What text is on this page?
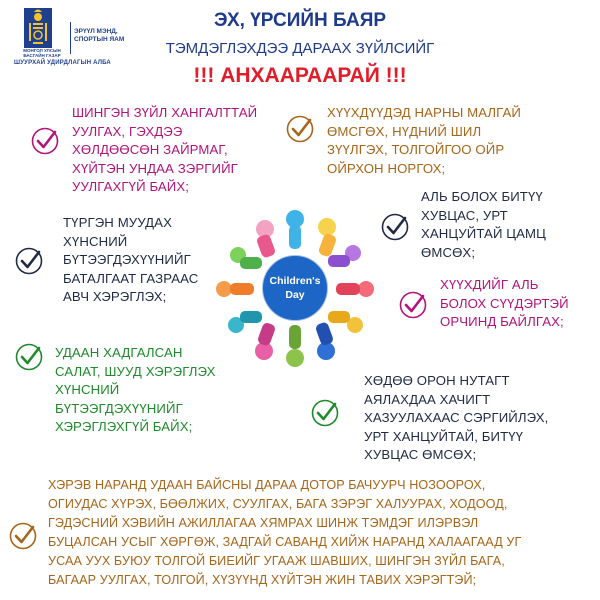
МОНГОЛ УЛСЫН БАСГАЙН ГАЗАР
ЭРҮҮЛ МЭНД,
СПОРТЫН ЯАМ
ШУУРХАЙ УДИРДЛАГЫН АЛБА
ЭХ, ҮРСИЙН БАЯР
ТЭМДЭГЛЭХДЭЭ ДАРААХ ЗҮЙЛСИЙГ
!!! АНХААРААРАЙ !!!
ШИНГЭН ЗҮЙЛ ХАНГАЛТТАЙ
УУЛГАХ, ГЭХДЭЭ
ХӨЛДӨӨСӨН ЗАЙРМАГ,
ХҮЙТЭН УНДАА ЗЭРГИЙГ
УУЛГАХГҮЙ БАЙХ;
ХҮҮХДҮҮДЭД НАРНЫ МАЛГАЙ
ӨМСГӨХ, НҮДНИЙ ШИЛ
ЗҮҮЛГЭХ, ТОЛГОЙГОО ОЙР
ОЙРХОН НОРГОХ;
АЛЬ БОЛОХ БИТҮҮ
ХУВЦАС, УРТ
ХАНЦУЙТАЙ ЦАМЦ
ӨМСӨХ;
ТҮРГЭН МУУДАХ
ХҮНСНИЙ
БҮТЭЭГДЭХҮҮНИЙГ
БАТАЛГААТ ГАЗРААС
АВЧ ХЭРЭГЛЭХ;
ХҮҮХДИЙГ АЛЬ
БОЛОХ СҮҮДЭРТЭЙ
ОРЧИНД БАЙЛГАХ;
УДААН ХАДГАЛСАН
САЛАТ, ШУУД ХЭРЭГЛЭХ
ХҮНСНИЙ
БҮТЭЭГДЭХҮҮНИЙГ
ХЭРЭГЛЭХГҮЙ БАЙХ;
ХӨДӨӨ ОРОН НУТАГТ
АЯЛАХДАА ХАЧИГТ
ХАЗУУЛАХААС СЭРГИЙЛЭХ,
УРТ ХАНЦУЙТАЙ, БИТҮҮ
ХУВЦАС ӨМСӨХ;
ХЭРЭВ НАРАНД УДААН БАЙСНЫ ДАРАА ДОТОР БАЧУУРЧ НОЗООРОХ,
ОГИУДАС ХҮРЭХ, БӨӨЛЖИХ, СУУЛГАХ, БАГА ЗЭРЭГ ХАЛУУРАХ, ХОДООД,
ГЭДЭСНИЙ ХЭВИЙН АЖИЛЛАГАА ХЯМРАХ ШИНЖ ТЭМДЭГ ИЛЭРВЭЛ
БУЦАЛСАН УСЫГ ХӨРГӨЖ, ЗАДГАЙ САВАНД ХИЙЖ НАРАНД ХАЛААГААД УГ
УСАА УУХ БУЮУ ТОЛГОЙ БИЕИЙГ УГААЖ ШАВШИХ, ШИНГЭН ЗҮЙЛ БАГА,
БАГААР УУЛГАХ, ТОЛГОЙ, ХҮЗҮҮНД ХҮЙТЭН ЖИН ТАВИХ ХЭРЭГТЭЙ;
Children's
Day
